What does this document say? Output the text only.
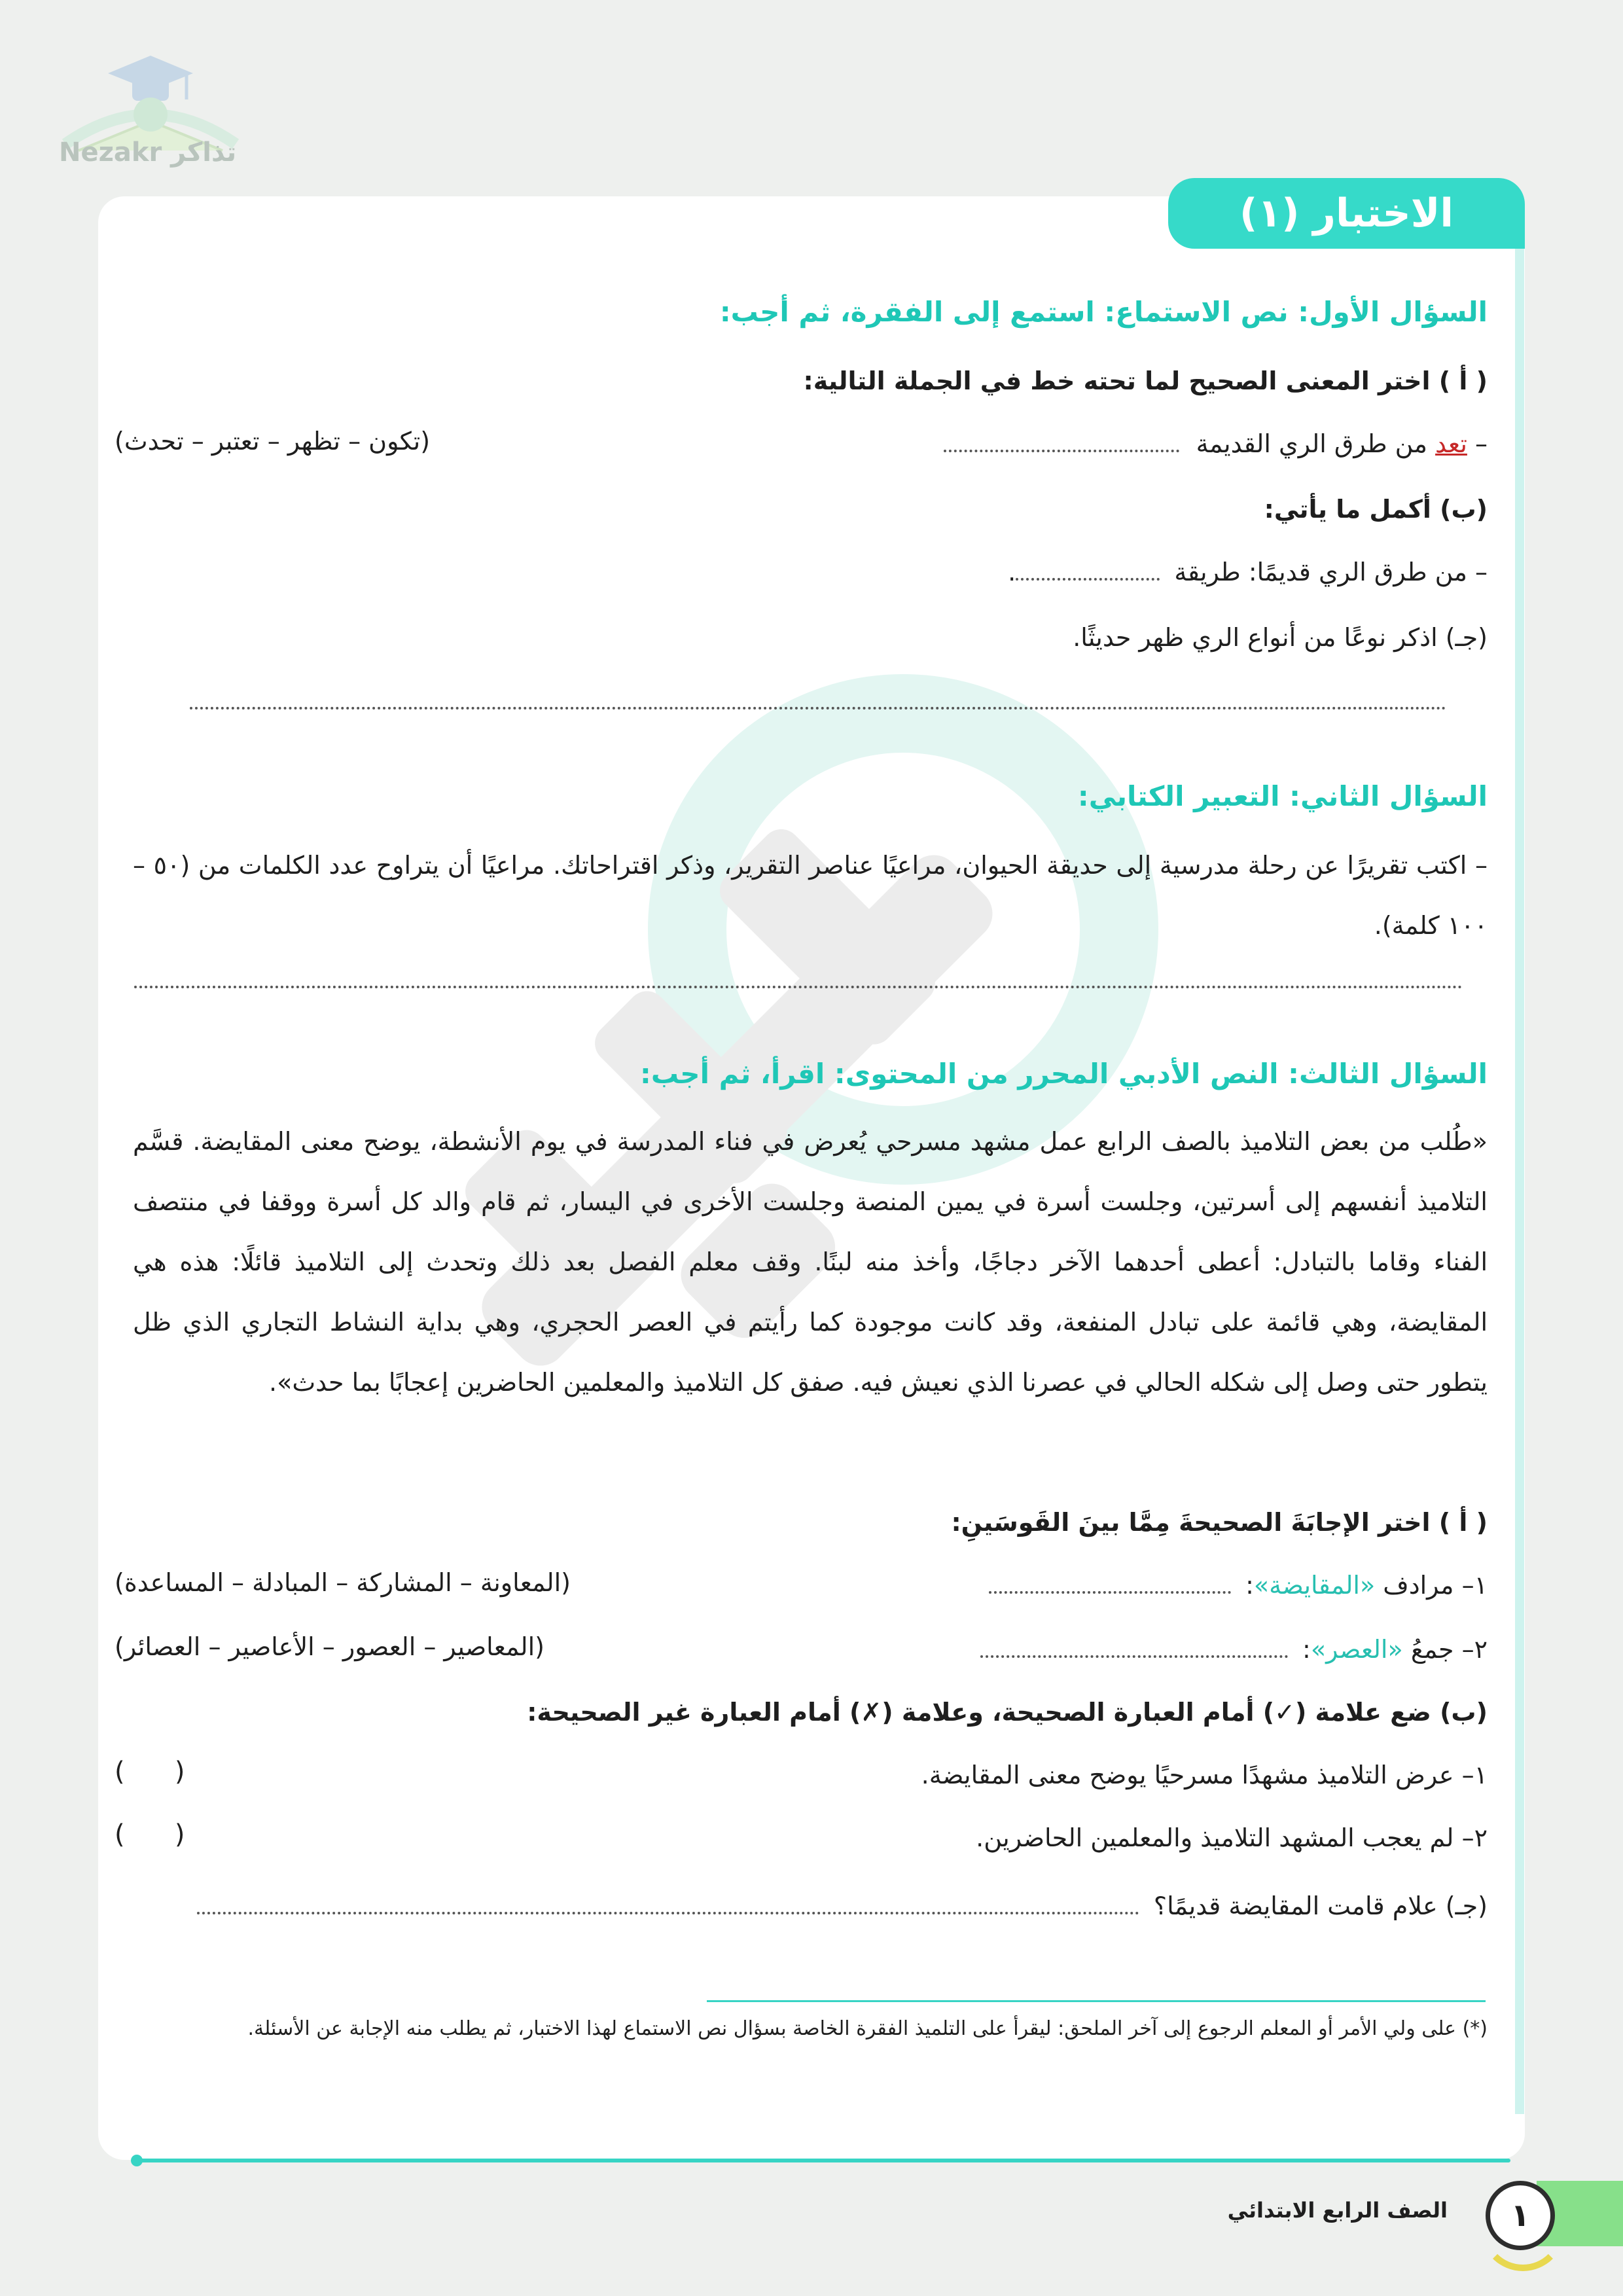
Nezakr تذاكر
الاختبار (١)
السؤال الأول: نص الاستماع: استمع إلى الفقرة، ثم أجب:
( أ ) اختر المعنى الصحيح لما تحته خط في الجملة التالية:
– تعد من طرق الري القديمة
(تكون – تظهر – تعتبر – تحدث)
(ب) أكمل ما يأتي:
– من طرق الري قديمًا: طريقة .
(جـ) اذكر نوعًا من أنواع الري ظهر حديثًا.
السؤال الثاني: التعبير الكتابي:
– اكتب تقريرًا عن رحلة مدرسية إلى حديقة الحيوان، مراعيًا عناصر التقرير، وذكر اقتراحاتك. مراعيًا أن يتراوح عدد الكلمات من (٥٠ – ١٠٠ كلمة).
السؤال الثالث: النص الأدبي المحرر من المحتوى: اقرأ، ثم أجب:
«طُلب من بعض التلاميذ بالصف الرابع عمل مشهد مسرحي يُعرض في فناء المدرسة في يوم الأنشطة، يوضح معنى المقايضة. قسَّم التلاميذ أنفسهم إلى أسرتين، وجلست أسرة في يمين المنصة وجلست الأخرى في اليسار، ثم قام والد كل أسرة ووقفا في منتصف الفناء وقاما بالتبادل: أعطى أحدهما الآخر دجاجًا، وأخذ منه لبنًا. وقف معلم الفصل بعد ذلك وتحدث إلى التلاميذ قائلًا: هذه هي المقايضة، وهي قائمة على تبادل المنفعة، وقد كانت موجودة كما رأيتم في العصر الحجري، وهي بداية النشاط التجاري الذي ظل يتطور حتى وصل إلى شكله الحالي في عصرنا الذي نعيش فيه. صفق كل التلاميذ والمعلمين الحاضرين إعجابًا بما حدث».
( أ ) اختر الإجابَةَ الصحيحةَ مِمَّا بينَ القَوسَينِ:
١– مرادف «المقايضة»:
(المعاونة – المشاركة – المبادلة – المساعدة)
٢– جمعُ «العصر»:
(المعاصير – العصور – الأعاصير – العصائر)
(ب) ضع علامة (✓) أمام العبارة الصحيحة، وعلامة (✗) أمام العبارة غير الصحيحة:
١– عرض التلاميذ مشهدًا مسرحيًا يوضح معنى المقايضة.
(      )
٢– لم يعجب المشهد التلاميذ والمعلمين الحاضرين.
(      )
(جـ) علام قامت المقايضة قديمًا؟
(*) على ولي الأمر أو المعلم الرجوع إلى آخر الملحق: ليقرأ على التلميذ الفقرة الخاصة بسؤال نص الاستماع لهذا الاختبار، ثم يطلب منه الإجابة عن الأسئلة.
١
الصف الرابع الابتدائي
